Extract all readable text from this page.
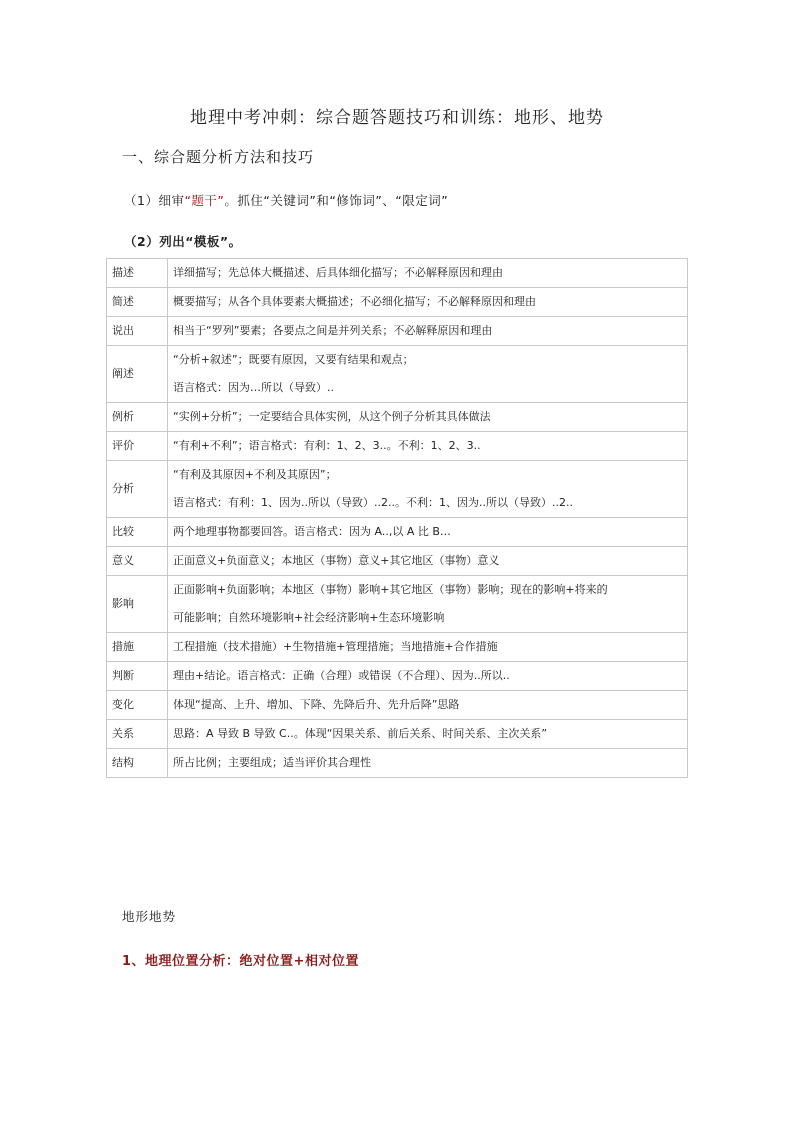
地理中考冲刺：综合题答题技巧和训练：地形、地势
一、综合题分析方法和技巧
（1）细审“题干”。抓住“关键词”和“修饰词”、“限定词”
（2）列出“模板”。
描述	详细描写；先总体大概描述、后具体细化描写；不必解释原因和理由

简述	概要描写；从各个具体要素大概描述；不必细化描写；不必解释原因和理由

说出	相当于“罗列”要素；各要点之间是并列关系；不必解释原因和理由

阐述	“分析+叙述”；既要有原因，又要有结果和观点；
语言格式：因为…所以（导致）..

例析	“实例+分析”；一定要结合具体实例，从这个例子分析其具体做法

评价	“有利+不利”；语言格式：有利：1、2、3..。不利：1、2、3..

分析	“有利及其原因+不利及其原因”；
语言格式：有利：1、因为..所以（导致）..2..。不利：1、因为..所以（导致）..2..

比较	两个地理事物都要回答。语言格式：因为 A..,以 A 比 B…

意义	正面意义+负面意义；本地区（事物）意义+其它地区（事物）意义

影响	正面影响+负面影响；本地区（事物）影响+其它地区（事物）影响；现在的影响+将来的
可能影响；自然环境影响+社会经济影响+生态环境影响

措施	工程措施（技术措施）+生物措施+管理措施；当地措施+合作措施

判断	理由+结论。语言格式：正确（合理）或错误（不合理）、因为..所以..

变化	体现“提高、上升、增加、下降、先降后升、先升后降”思路

关系	思路：A 导致 B 导致 C..。体现“因果关系、前后关系、时间关系、主次关系”

结构	所占比例；主要组成；适当评价其合理性
地形地势
1、地理位置分析：绝对位置+相对位置
